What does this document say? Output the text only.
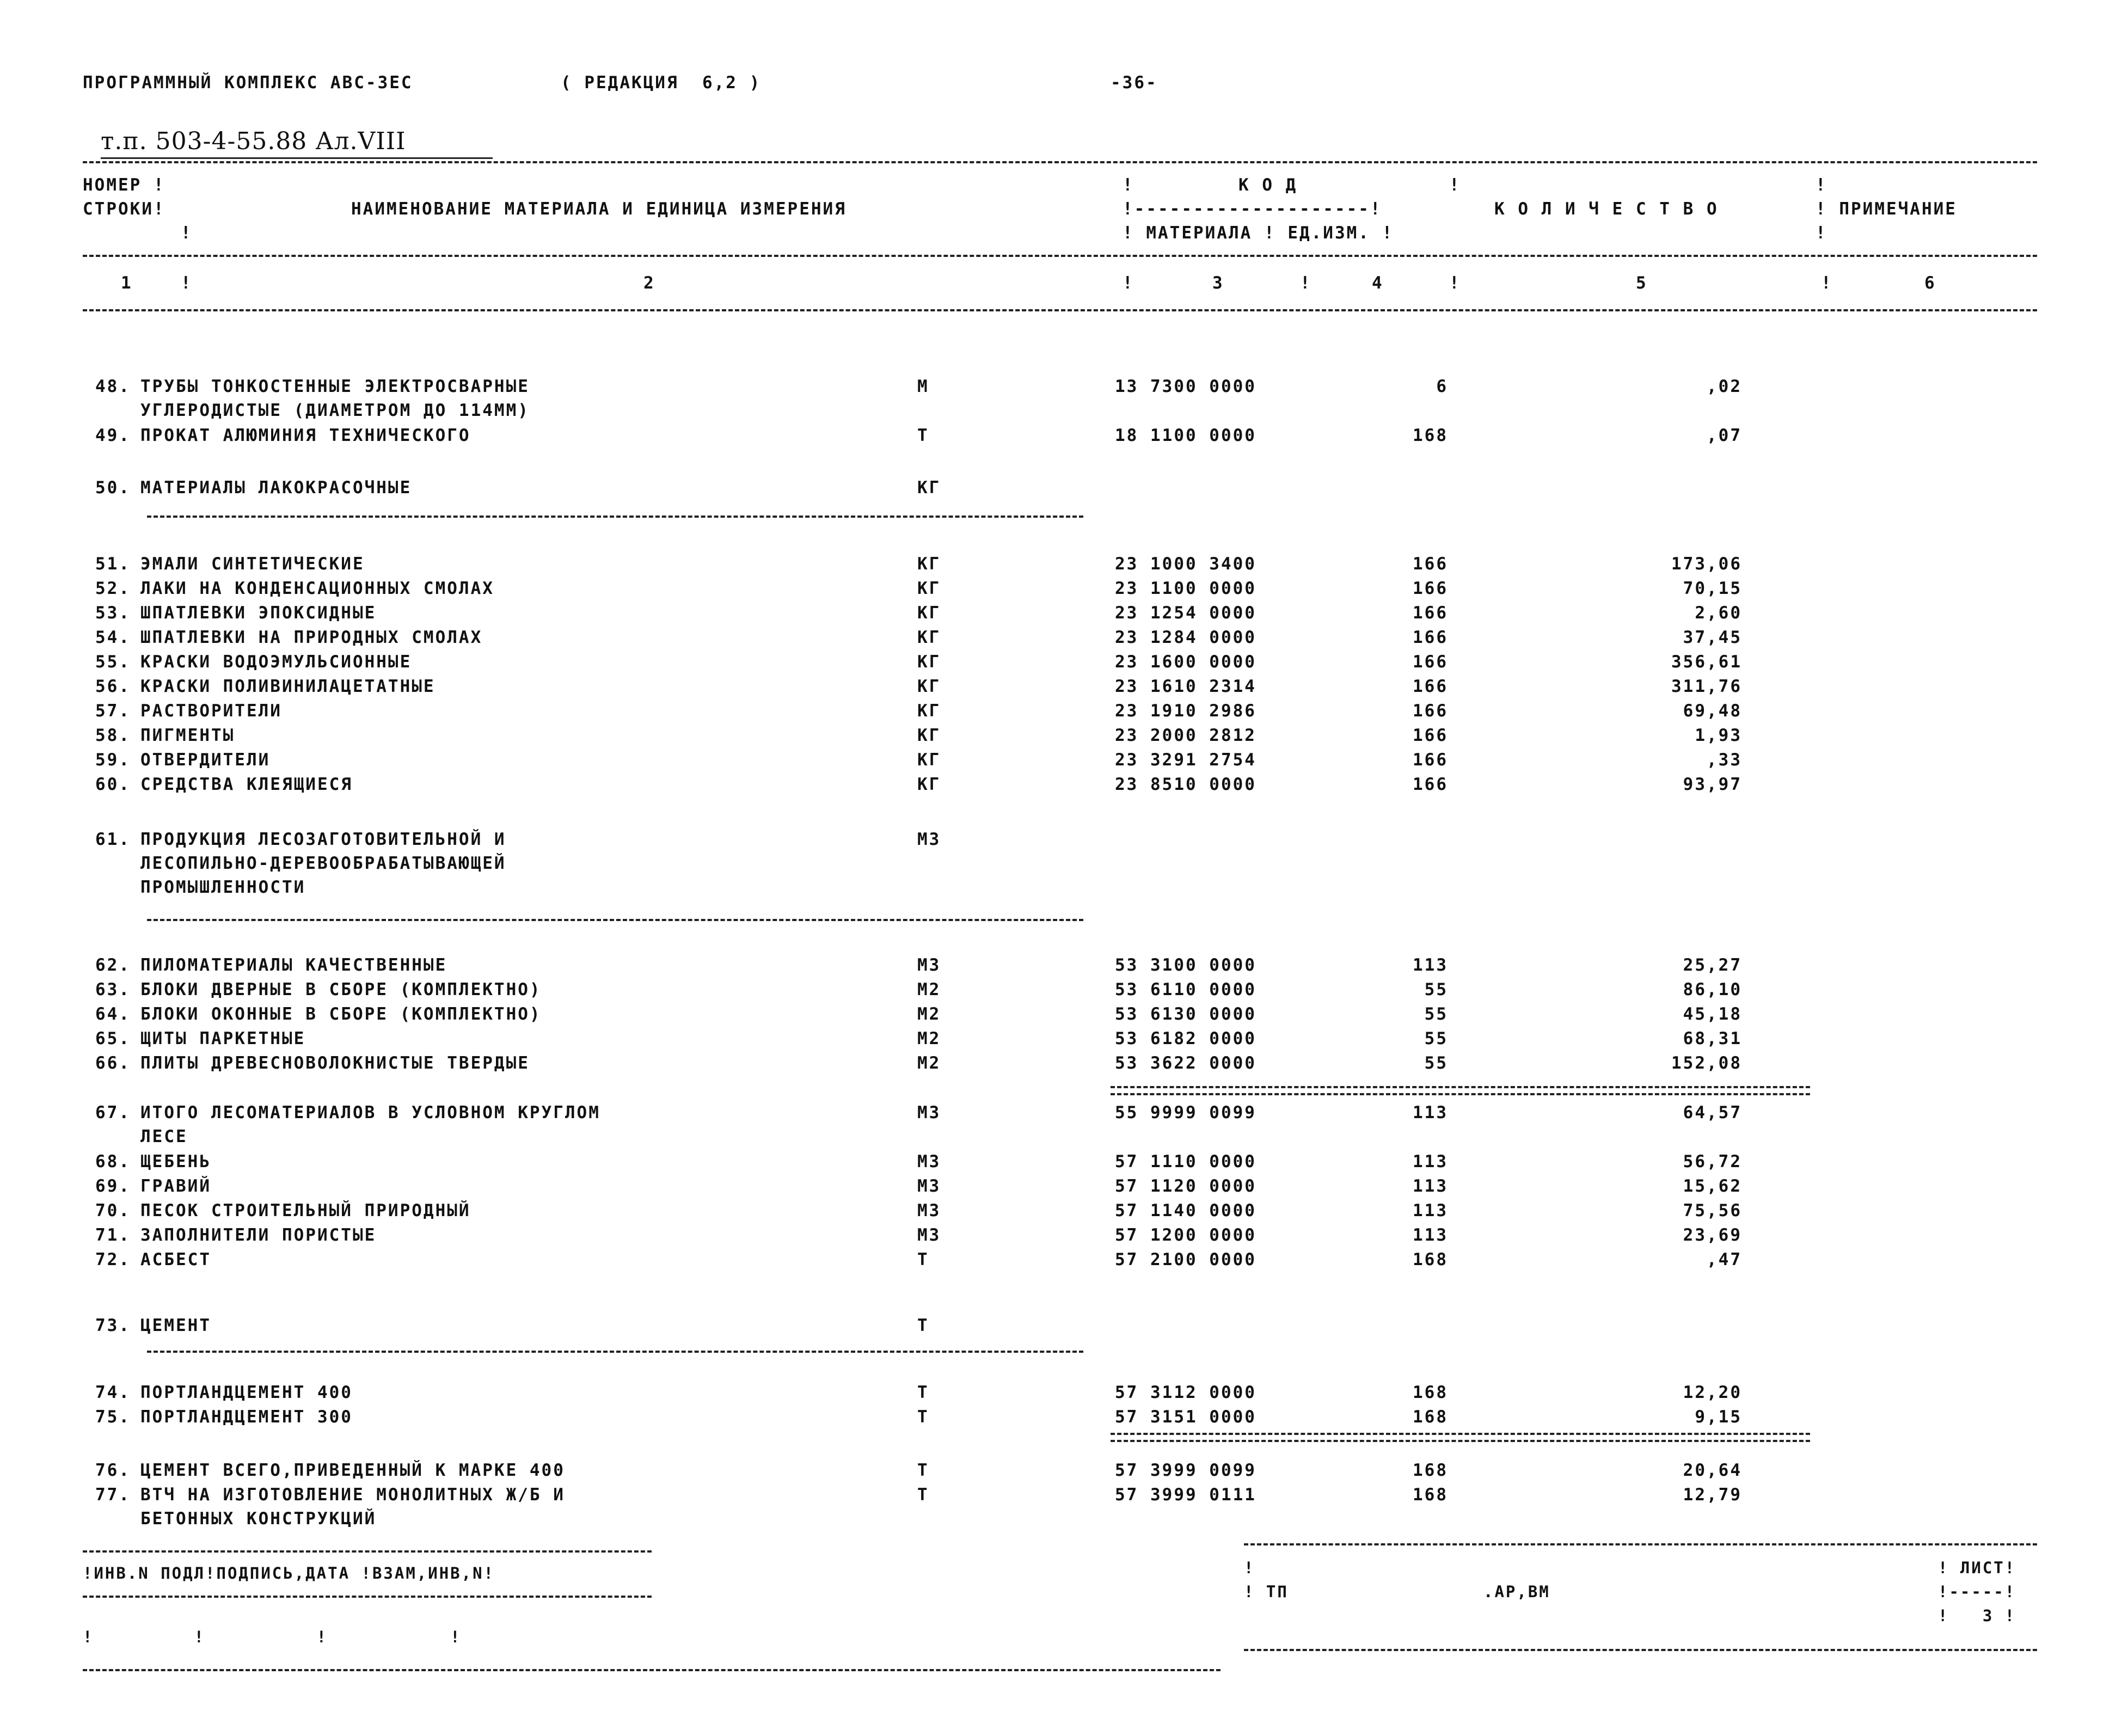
ПРОГРАММНЫЙ КОМПЛЕКС АВС-3ЕС	( РЕДАКЦИЯ  6,2 )	-36-
т.п. 503-4-55.88 Ал.VIII
НОМЕР !
СТРОКИ!
!
НАИМЕНОВАНИЕ МАТЕРИАЛА И ЕДИНИЦА ИЗМЕРЕНИЯ
!	К О Д	!
!--------------------!
! МАТЕРИАЛА ! ЕД.ИЗМ. !
К О Л И Ч Е С Т В О
!
! ПРИМЕЧАНИЕ
!
1	!	2	!	3	!	4	!	5	!	6
48. ТРУБЫ ТОНКОСТЕННЫЕ ЭЛЕКТРОСВАРНЫЕ
УГЛЕРОДИСТЫЕ (ДИАМЕТРОМ ДО 114ММ)
М	13 7300 0000	6	,02
49. ПРОКАТ АЛЮМИНИЯ ТЕХНИЧЕСКОГО	Т	18 1100 0000	168	,07
50. МАТЕРИАЛЫ ЛАКОКРАСОЧНЫЕ	КГ
51. ЭМАЛИ СИНТЕТИЧЕСКИЕ	КГ	23 1000 3400	166	173,06
52. ЛАКИ НА КОНДЕНСАЦИОННЫХ СМОЛАХ	КГ	23 1100 0000	166	70,15
53. ШПАТЛЕВКИ ЭПОКСИДНЫЕ	КГ	23 1254 0000	166	2,60
54. ШПАТЛЕВКИ НА ПРИРОДНЫХ СМОЛАХ	КГ	23 1284 0000	166	37,45
55. КРАСКИ ВОДОЭМУЛЬСИОННЫЕ	КГ	23 1600 0000	166	356,61
56. КРАСКИ ПОЛИВИНИЛАЦЕТАТНЫЕ	КГ	23 1610 2314	166	311,76
57. РАСТВОРИТЕЛИ	КГ	23 1910 2986	166	69,48
58. ПИГМЕНТЫ	КГ	23 2000 2812	166	1,93
59. ОТВЕРДИТЕЛИ	КГ	23 3291 2754	166	,33
60. СРЕДСТВА КЛЕЯЩИЕСЯ	КГ	23 8510 0000	166	93,97
61. ПРОДУКЦИЯ ЛЕСОЗАГОТОВИТЕЛЬНОЙ И
ЛЕСОПИЛЬНО-ДЕРЕВООБРАБАТЫВАЮЩЕЙ
ПРОМЫШЛЕННОСТИ
М3
62. ПИЛОМАТЕРИАЛЫ КАЧЕСТВЕННЫЕ	М3	53 3100 0000	113	25,27
63. БЛОКИ ДВЕРНЫЕ В СБОРЕ (КОМПЛЕКТНО)	М2	53 6110 0000	55	86,10
64. БЛОКИ ОКОННЫЕ В СБОРЕ (КОМПЛЕКТНО)	М2	53 6130 0000	55	45,18
65. ЩИТЫ ПАРКЕТНЫЕ	М2	53 6182 0000	55	68,31
66. ПЛИТЫ ДРЕВЕСНОВОЛОКНИСТЫЕ ТВЕРДЫЕ	М2	53 3622 0000	55	152,08
67. ИТОГО ЛЕСОМАТЕРИАЛОВ В УСЛОВНОМ КРУГЛОМ
ЛЕСЕ
М3	55 9999 0099	113	64,57
68. ЩЕБЕНЬ	М3	57 1110 0000	113	56,72
69. ГРАВИЙ	М3	57 1120 0000	113	15,62
70. ПЕСОК СТРОИТЕЛЬНЫЙ ПРИРОДНЫЙ	М3	57 1140 0000	113	75,56
71. ЗАПОЛНИТЕЛИ ПОРИСТЫЕ	М3	57 1200 0000	113	23,69
72. АСБЕСТ	Т	57 2100 0000	168	,47
73. ЦЕМЕНТ	Т
74. ПОРТЛАНДЦЕМЕНТ 400	Т	57 3112 0000	168	12,20
75. ПОРТЛАНДЦЕМЕНТ 300	Т	57 3151 0000	168	9,15
76. ЦЕМЕНТ ВСЕГО,ПРИВЕДЕННЫЙ К МАРКЕ 400	Т	57 3999 0099	168	20,64
77. ВТЧ НА ИЗГОТОВЛЕНИЕ МОНОЛИТНЫХ Ж/Б И
БЕТОННЫХ КОНСТРУКЦИЙ
Т	57 3999 0111	168	12,79
!ИНВ.N ПОДЛ!ПОДПИСЬ,ДАТА !ВЗАМ,ИНВ,N!
!         !          !           !
!
! ТП	.АР,ВМ
! ЛИСТ!
!-----!
!   3 !
